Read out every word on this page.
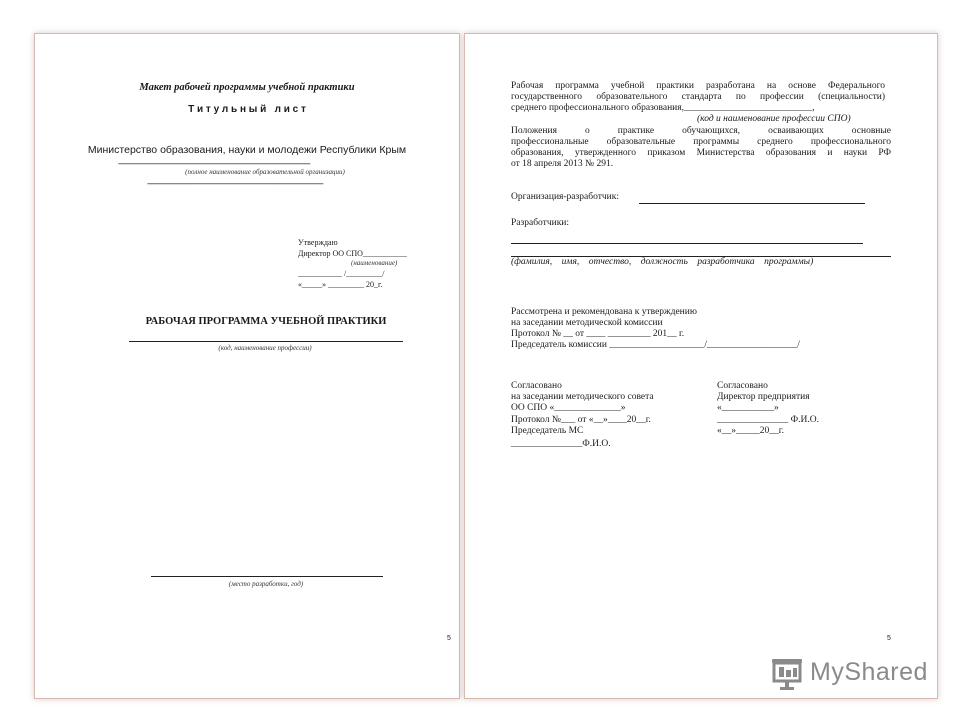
Макет рабочей программы учебной практики
Т и т у л ь н ы й   л и с т
Министерство образования, науки и молодежи Республики Крым
------------------------------------------------------------------------------------------------
(полное наименование образовательной организации)
----------------------------------------------------------------------------------------
Утверждаю
Директор ОО СПО___________
(наименование)
___________ /_________/
«_____» _________ 20_г.
РАБОЧАЯ ПРОГРАММА УЧЕБНОЙ ПРАКТИКИ
(код, наименование профессии)
(место разработки, год)
5
Рабочая программа учебной практики разработана на основе Федерального
государственного образовательного стандарта по профессии (специальности)
среднего профессионального образования,___________________________,
(код и наименование профессии СПО)
Положения о практике обучающихся, осваивающих основные
профессиональные образовательные программы среднего профессионального
образования, утвержденного приказом Министерства образования и науки РФ
от 18 апреля 2013 № 291.
Организация-разработчик:
Разработчики:
(фамилия,    имя,    отчество,    должность    разработчика    программы)
Рассмотрена и рекомендована к утверждению
на заседании методической комиссии
Протокол № __ от ____ _________ 201__ г.
Председатель комиссии ____________________/___________________/
Согласовано
на заседании методического совета
ОО СПО «______________»
Протокол №___ от «__»____20__г.
Председатель МС
_______________Ф.И.О.
Согласовано
Директор предприятия
«___________»
_______________ Ф.И.О.
«__»_____20__г.
5
MyShared
